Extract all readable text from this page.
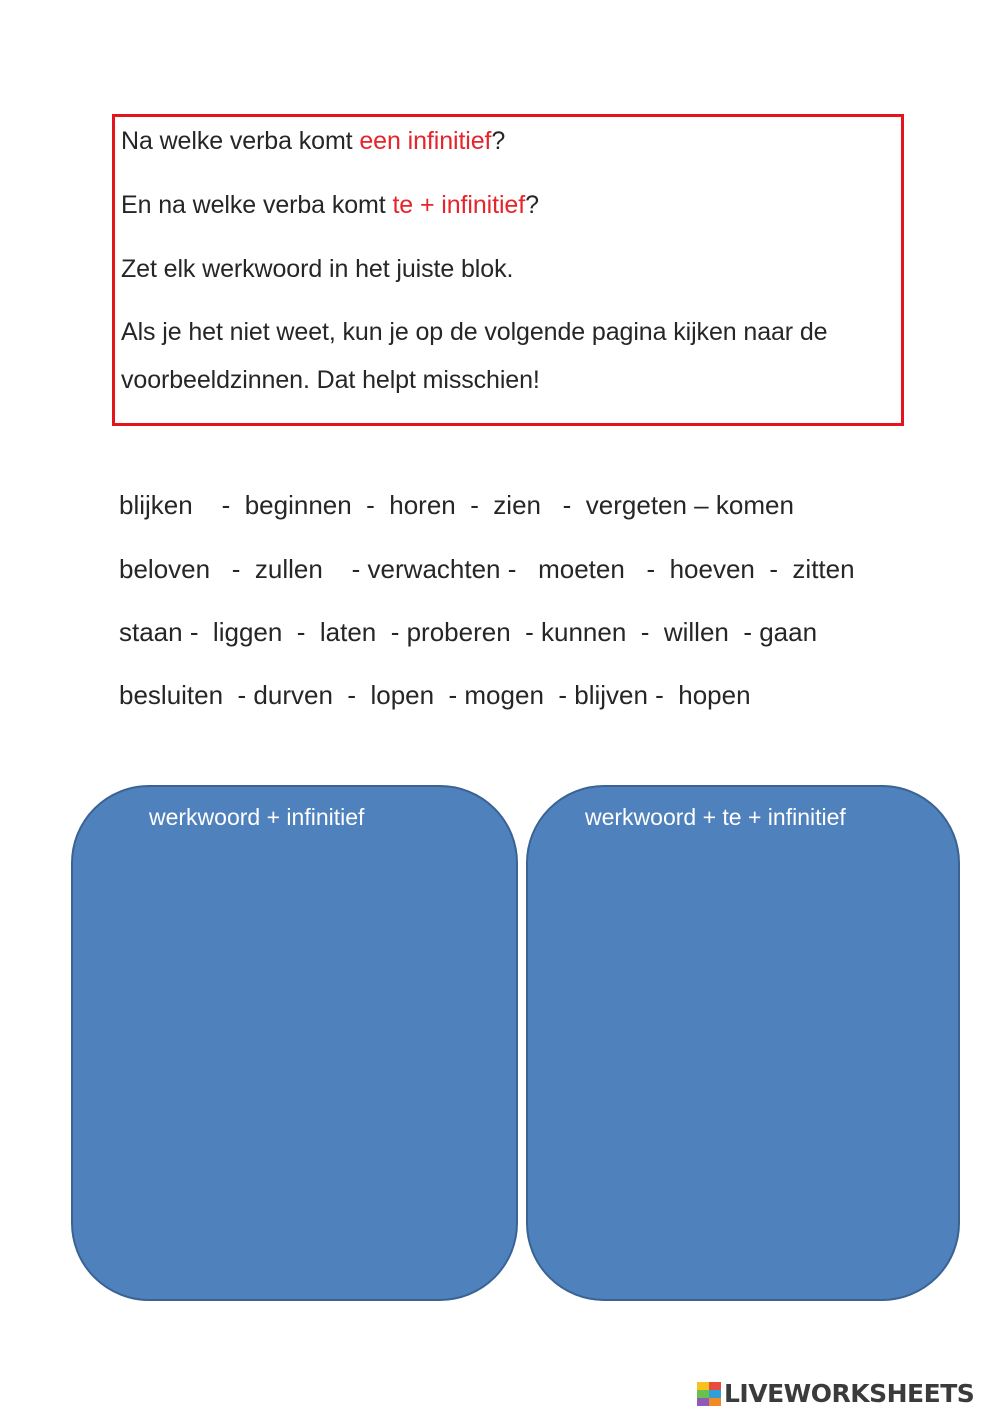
Na welke verba komt een infinitief?
En na welke verba komt te + infinitief?
Zet elk werkwoord in het juiste blok.
Als je het niet weet, kun je op de volgende pagina kijken naar de
voorbeeldzinnen. Dat helpt misschien!
blijken    -  beginnen  -  horen  -  zien   -  vergeten – komen
beloven   -  zullen    - verwachten -   moeten   -  hoeven  -  zitten
staan -  liggen  -  laten  - proberen  - kunnen  -  willen  - gaan
besluiten  - durven  -  lopen  - mogen  - blijven -  hopen
werkwoord + infinitief	werkwoord + te + infinitief
LIVEWORKSHEETS
